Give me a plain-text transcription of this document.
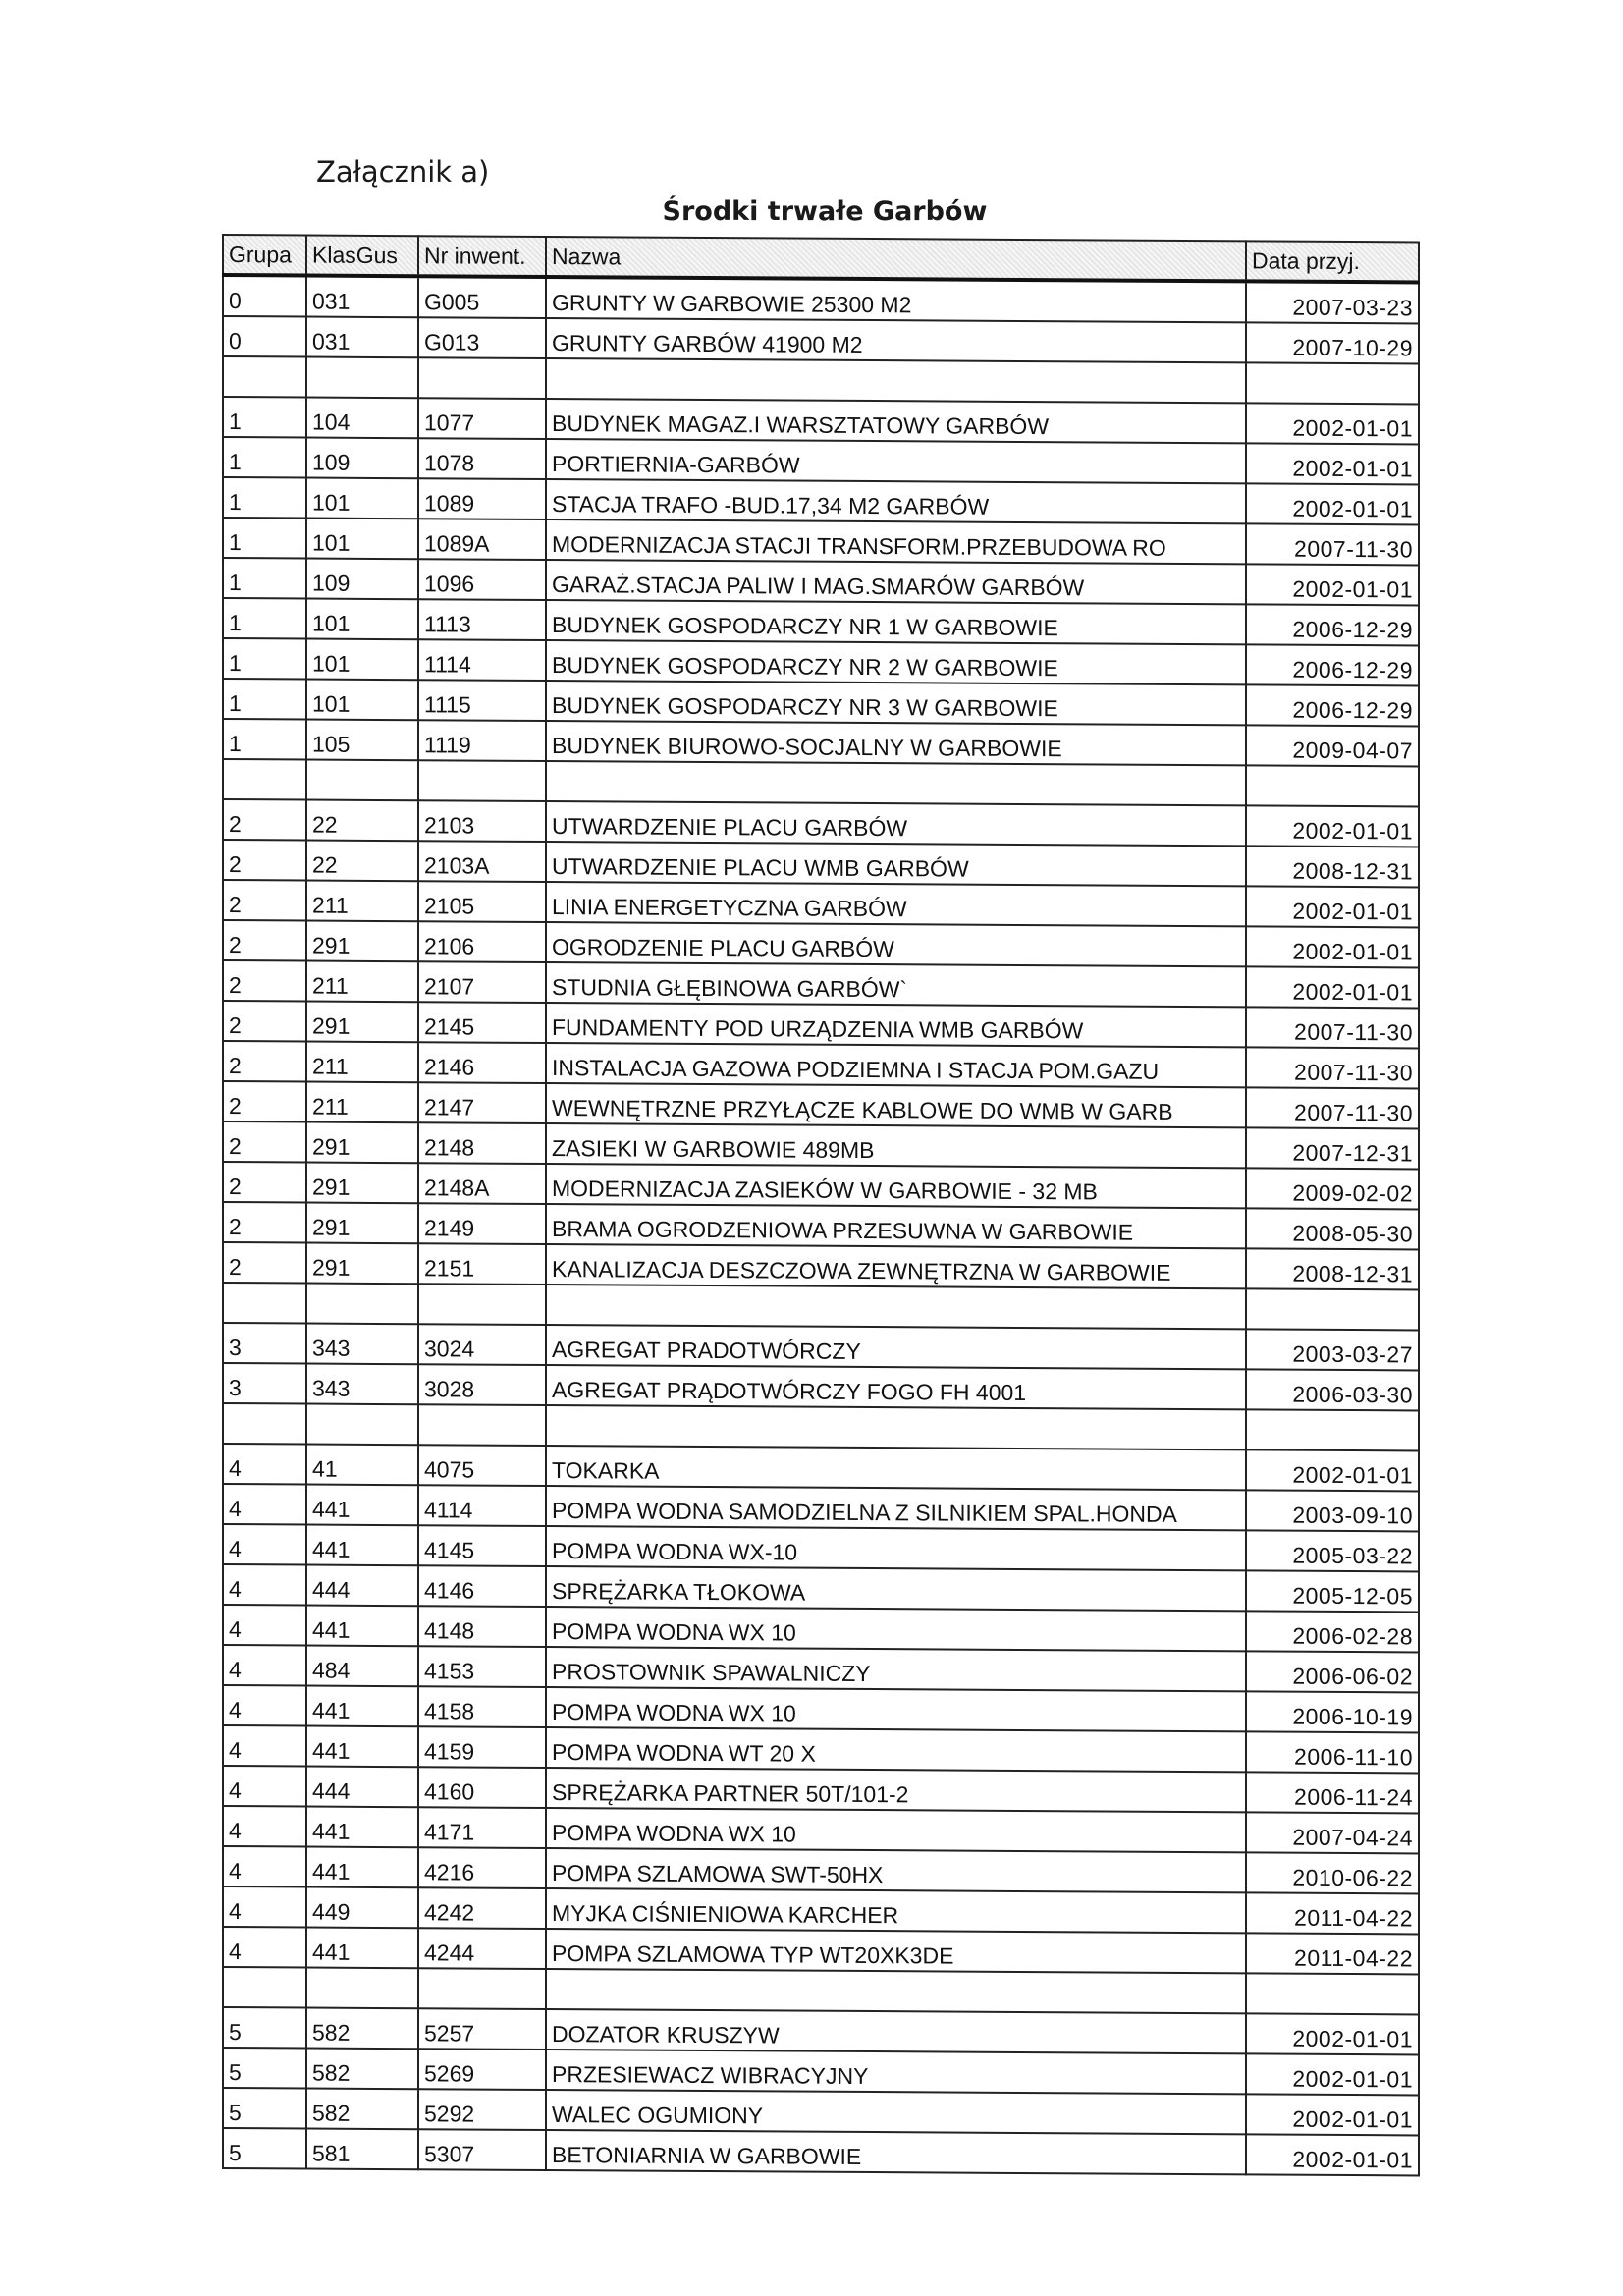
Załącznik a)
Środki trwałe Garbów
Grupa	KlasGus	Nr inwent.	Nazwa	Data przyj.
0	031	G005	GRUNTY W GARBOWIE 25300 M2	2007-03-23
0	031	G013	GRUNTY GARBÓW 41900 M2	2007-10-29

1	104	1077	BUDYNEK MAGAZ.I WARSZTATOWY GARBÓW	2002-01-01
1	109	1078	PORTIERNIA-GARBÓW	2002-01-01
1	101	1089	STACJA TRAFO -BUD.17,34 M2 GARBÓW	2002-01-01
1	101	1089A	MODERNIZACJA STACJI TRANSFORM.PRZEBUDOWA RO	2007-11-30
1	109	1096	GARAŻ.STACJA PALIW I MAG.SMARÓW GARBÓW	2002-01-01
1	101	1113	BUDYNEK GOSPODARCZY NR 1 W GARBOWIE	2006-12-29
1	101	1114	BUDYNEK GOSPODARCZY NR 2 W GARBOWIE	2006-12-29
1	101	1115	BUDYNEK GOSPODARCZY NR 3 W GARBOWIE	2006-12-29
1	105	1119	BUDYNEK BIUROWO-SOCJALNY W GARBOWIE	2009-04-07

2	22	2103	UTWARDZENIE PLACU GARBÓW	2002-01-01
2	22	2103A	UTWARDZENIE PLACU WMB GARBÓW	2008-12-31
2	211	2105	LINIA ENERGETYCZNA GARBÓW	2002-01-01
2	291	2106	OGRODZENIE PLACU GARBÓW	2002-01-01
2	211	2107	STUDNIA GŁĘBINOWA GARBÓW`	2002-01-01
2	291	2145	FUNDAMENTY POD URZĄDZENIA WMB GARBÓW	2007-11-30
2	211	2146	INSTALACJA GAZOWA PODZIEMNA I STACJA POM.GAZU	2007-11-30
2	211	2147	WEWNĘTRZNE PRZYŁĄCZE KABLOWE DO WMB W GARB	2007-11-30
2	291	2148	ZASIEKI W GARBOWIE 489MB	2007-12-31
2	291	2148A	MODERNIZACJA ZASIEKÓW W GARBOWIE - 32 MB	2009-02-02
2	291	2149	BRAMA OGRODZENIOWA PRZESUWNA W GARBOWIE	2008-05-30
2	291	2151	KANALIZACJA DESZCZOWA ZEWNĘTRZNA W GARBOWIE	2008-12-31

3	343	3024	AGREGAT PRADOTWÓRCZY	2003-03-27
3	343	3028	AGREGAT PRĄDOTWÓRCZY FOGO FH 4001	2006-03-30

4	41	4075	TOKARKA	2002-01-01
4	441	4114	POMPA WODNA SAMODZIELNA Z SILNIKIEM SPAL.HONDA	2003-09-10
4	441	4145	POMPA WODNA WX-10	2005-03-22
4	444	4146	SPRĘŻARKA TŁOKOWA	2005-12-05
4	441	4148	POMPA WODNA WX 10	2006-02-28
4	484	4153	PROSTOWNIK SPAWALNICZY	2006-06-02
4	441	4158	POMPA WODNA WX 10	2006-10-19
4	441	4159	POMPA WODNA WT 20 X	2006-11-10
4	444	4160	SPRĘŻARKA PARTNER 50T/101-2	2006-11-24
4	441	4171	POMPA WODNA WX 10	2007-04-24
4	441	4216	POMPA SZLAMOWA SWT-50HX	2010-06-22
4	449	4242	MYJKA CIŚNIENIOWA KARCHER	2011-04-22
4	441	4244	POMPA SZLAMOWA TYP WT20XK3DE	2011-04-22

5	582	5257	DOZATOR KRUSZYW	2002-01-01
5	582	5269	PRZESIEWACZ WIBRACYJNY	2002-01-01
5	582	5292	WALEC OGUMIONY	2002-01-01
5	581	5307	BETONIARNIA W GARBOWIE	2002-01-01
